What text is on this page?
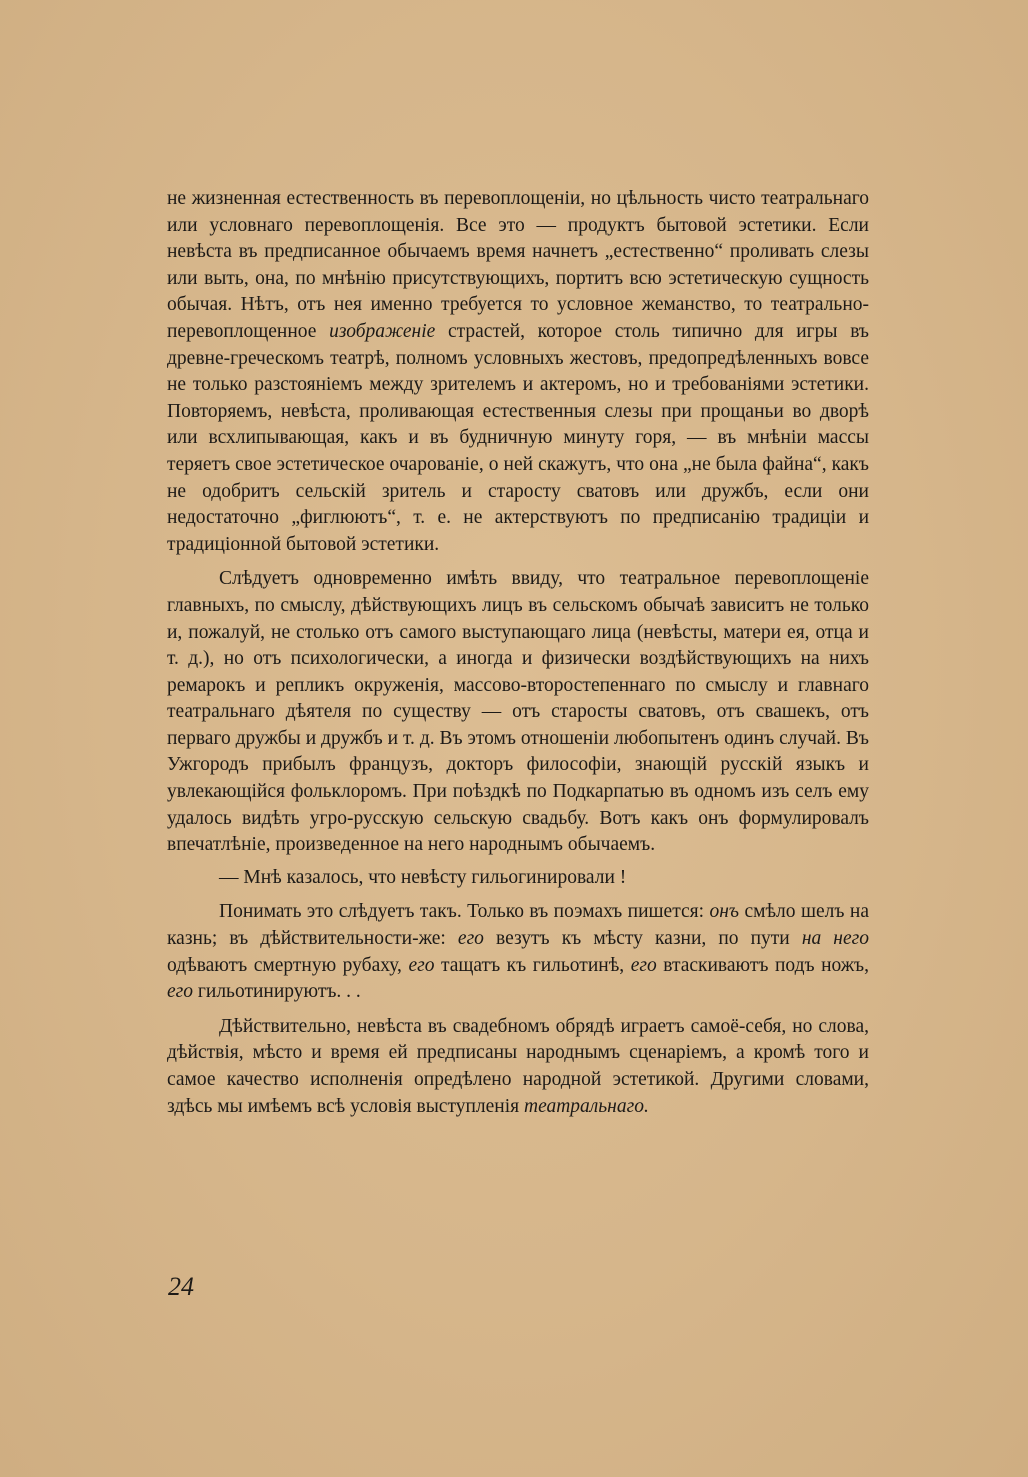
не жизненная естественность въ перевоплощенiи, но цѣльность чисто театральнаго или условнаго перевоплощенiя. Все это — продуктъ бытовой эстетики. Если невѣста въ предписанное обычаемъ время начнетъ „естественно“ проливать слезы или выть, она, по мнѣнiю присутствующихъ, портитъ всю эстетическую сущность обычая. Нѣтъ, отъ нея именно требуется то условное жеманство, то театрально-перевоплощенное изображенiе страстей, которое столь типично для игры въ древне-греческомъ театрѣ, полномъ условныхъ жестовъ, предопредѣленныхъ вовсе не только разстоянiемъ между зрителемъ и актеромъ, но и требованiями эстетики. Повторяемъ, невѣста, проливающая естественныя слезы при прощаньи во дворѣ или всхлипывающая, какъ и въ будничную минуту горя, — въ мнѣнiи массы теряетъ свое эстетическое очарованiе, о ней скажутъ, что она „не была файна“, какъ не одобритъ сельскiй зритель и старосту сватовъ или дружбъ, если они недостаточно „фиглюютъ“, т. е. не актерствуютъ по предписанiю традицiи и традицiонной бытовой эстетики.

Слѣдуетъ одновременно имѣть ввиду, что театральное перевоплощенiе главныхъ, по смыслу, дѣйствующихъ лицъ въ сельскомъ обычаѣ зависитъ не только и, пожалуй, не столько отъ самого выступающаго лица (невѣсты, матери ея, отца и т. д.), но отъ психологически, а иногда и физически воздѣйствующихъ на нихъ ремарокъ и репликъ окруженiя, массово-второстепеннаго по смыслу и главнаго театральнаго дѣятеля по существу — отъ старосты сватовъ, отъ свашекъ, отъ перваго дружбы и дружбъ и т. д. Въ этомъ отношенiи любопытенъ одинъ случай. Въ Ужгородъ прибылъ французъ, докторъ философiи, знающiй русскiй языкъ и увлекающiйся фольклоромъ. При поѣздкѣ по Подкарпатью въ одномъ изъ селъ ему удалось видѣть угро-русскую сельскую свадьбу. Вотъ какъ онъ формулировалъ впечатлѣнiе, произведенное на него народнымъ обычаемъ.

— Мнѣ казалось, что невѣсту гильогинировали !

Понимать это слѣдуетъ такъ. Только въ поэмахъ пишется: онъ смѣло шелъ на казнь; въ дѣйствительности-же: его везутъ къ мѣсту казни, по пути на него одѣваютъ смертную рубаху, его тащатъ къ гильотинѣ, его втаскиваютъ подъ ножъ, его гильотинируютъ. . .

Дѣйствительно, невѣста въ свадебномъ обрядѣ играетъ самоё-себя, но слова, дѣйствiя, мѣсто и время ей предписаны народнымъ сценарiемъ, а кромѣ того и самое качество исполненiя опредѣлено народной эстетикой. Другими словами, здѣсь мы имѣемъ всѣ условiя выступленiя театральнаго.

24
